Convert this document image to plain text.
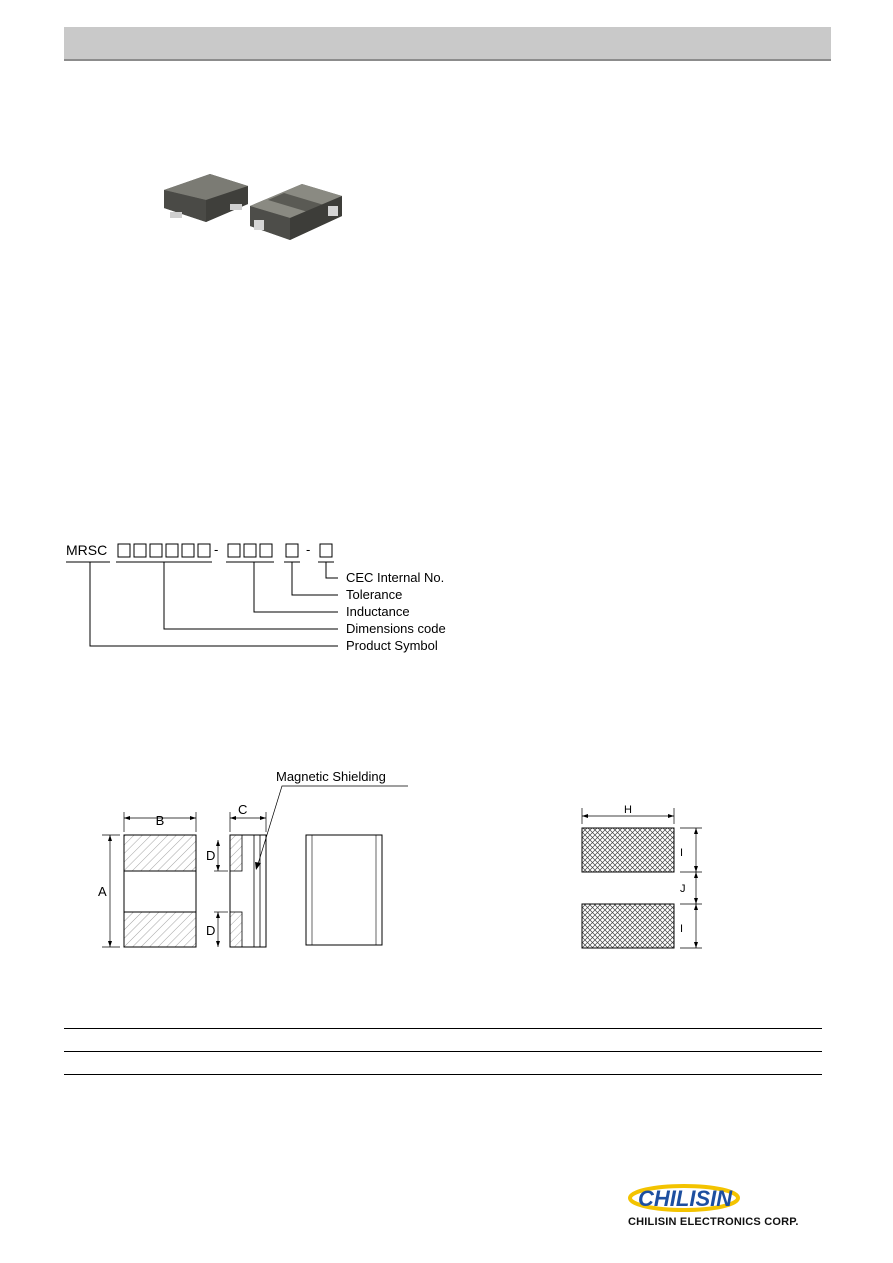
MRSC	-	-
CEC Internal No.
Tolerance
Inductance
Dimensions code
Product Symbol
B
A
C
D
D
Magnetic Shielding
H
I
I
J
CHILISIN
CHILISIN ELECTRONICS CORP.
